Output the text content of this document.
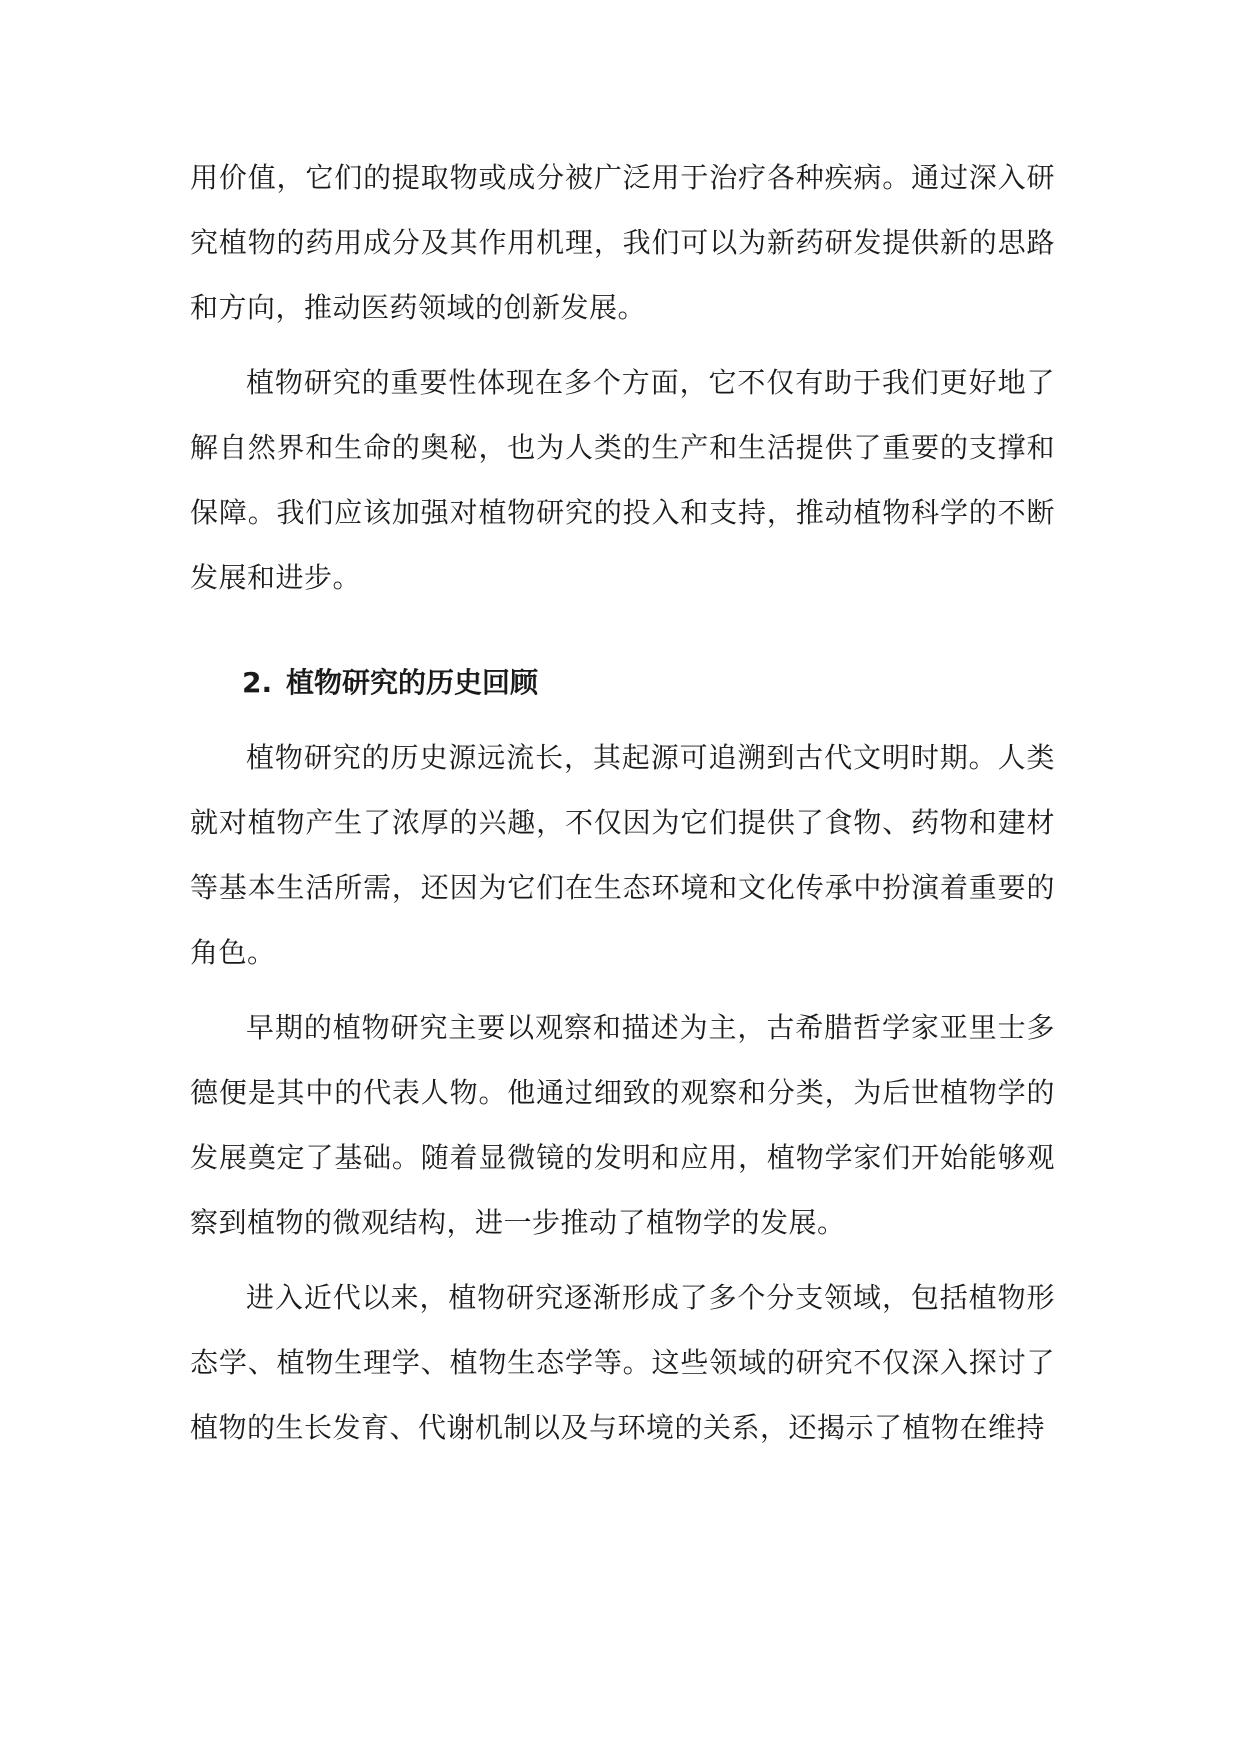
用价值，它们的提取物或成分被广泛用于治疗各种疾病。通过深入研究植物的药用成分及其作用机理，我们可以为新药研发提供新的思路和方向，推动医药领域的创新发展。

植物研究的重要性体现在多个方面，它不仅有助于我们更好地了解自然界和生命的奥秘，也为人类的生产和生活提供了重要的支撑和保障。我们应该加强对植物研究的投入和支持，推动植物科学的不断发展和进步。

2. 植物研究的历史回顾

植物研究的历史源远流长，其起源可追溯到古代文明时期。人类就对植物产生了浓厚的兴趣，不仅因为它们提供了食物、药物和建材等基本生活所需，还因为它们在生态环境和文化传承中扮演着重要的角色。

早期的植物研究主要以观察和描述为主，古希腊哲学家亚里士多德便是其中的代表人物。他通过细致的观察和分类，为后世植物学的发展奠定了基础。随着显微镜的发明和应用，植物学家们开始能够观察到植物的微观结构，进一步推动了植物学的发展。

进入近代以来，植物研究逐渐形成了多个分支领域，包括植物形态学、植物生理学、植物生态学等。这些领域的研究不仅深入探讨了植物的生长发育、代谢机制以及与环境的关系，还揭示了植物在维持
